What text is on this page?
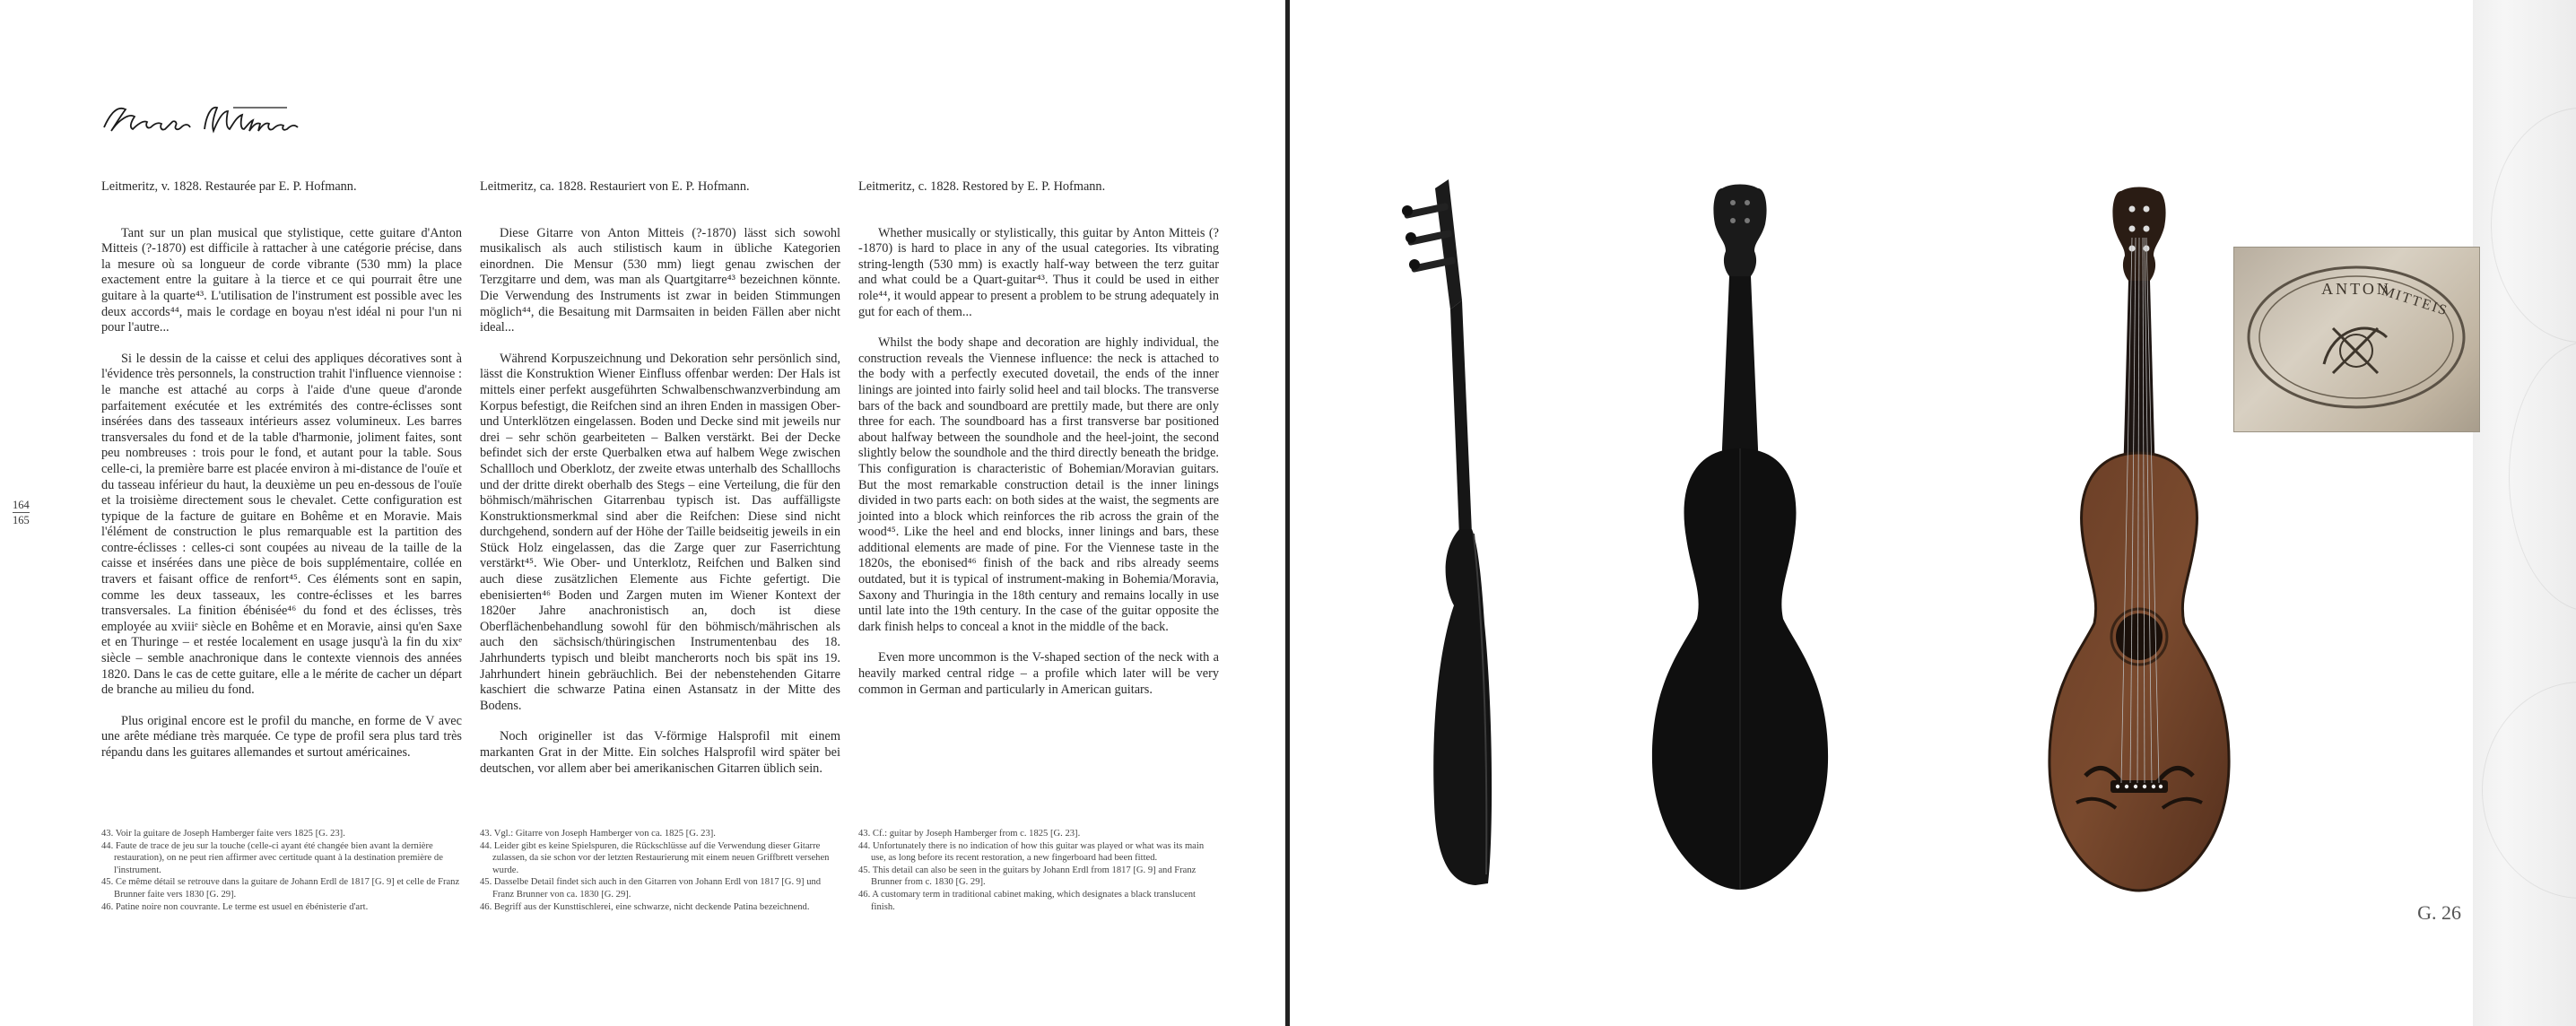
164
165
Leitmeritz, v. 1828. Restaurée par E. P. Hofmann.

Tant sur un plan musical que stylistique, cette guitare d'Anton Mitteis (?-1870) est difficile à rattacher à une catégorie précise, dans la mesure où sa longueur de corde vibrante (530 mm) la place exactement entre la guitare à la tierce et ce qui pourrait être une guitare à la quarte⁴³. L'utilisation de l'instrument est possible avec les deux accords⁴⁴, mais le cordage en boyau n'est idéal ni pour l'un ni pour l'autre...

Si le dessin de la caisse et celui des appliques décoratives sont à l'évidence très personnels, la construction trahit l'influence viennoise : le manche est attaché au corps à l'aide d'une queue d'aronde parfaitement exécutée et les extrémités des contre-éclisses sont insérées dans des tasseaux intérieurs assez volumineux. Les barres transversales du fond et de la table d'harmonie, joliment faites, sont peu nombreuses : trois pour le fond, et autant pour la table. Sous celle-ci, la première barre est placée environ à mi-distance de l'ouïe et du tasseau inférieur du haut, la deuxième un peu en-dessous de l'ouïe et la troisième directement sous le chevalet. Cette configuration est typique de la facture de guitare en Bohême et en Moravie. Mais l'élément de construction le plus remarquable est la partition des contre-éclisses : celles-ci sont coupées au niveau de la taille de la caisse et insérées dans une pièce de bois supplémentaire, collée en travers et faisant office de renfort⁴⁵. Ces éléments sont en sapin, comme les deux tasseaux, les contre-éclisses et les barres transversales. La finition ébénisée⁴⁶ du fond et des éclisses, très employée au xviiiᵉ siècle en Bohême et en Moravie, ainsi qu'en Saxe et en Thuringe – et restée localement en usage jusqu'à la fin du xixᵉ siècle – semble anachronique dans le contexte viennois des années 1820. Dans le cas de cette guitare, elle a le mérite de cacher un départ de branche au milieu du fond.

Plus original encore est le profil du manche, en forme de V avec une arête médiane très marquée. Ce type de profil sera plus tard très répandu dans les guitares allemandes et surtout américaines.

Leitmeritz, ca. 1828. Restauriert von E. P. Hofmann.

Diese Gitarre von Anton Mitteis (?-1870) lässt sich sowohl musikalisch als auch stilistisch kaum in übliche Kategorien einordnen. Die Mensur (530 mm) liegt genau zwischen der Terzgitarre und dem, was man als Quartgitarre⁴³ bezeichnen könnte. Die Verwendung des Instruments ist zwar in beiden Stimmungen möglich⁴⁴, die Besaitung mit Darmsaiten in beiden Fällen aber nicht ideal...

Während Korpuszeichnung und Dekoration sehr persönlich sind, lässt die Konstruktion Wiener Einfluss offenbar werden: Der Hals ist mittels einer perfekt ausgeführten Schwalbenschwanzverbindung am Korpus befestigt, die Reifchen sind an ihren Enden in massigen Ober- und Unterklötzen eingelassen. Boden und Decke sind mit jeweils nur drei – sehr schön gearbeiteten – Balken verstärkt. Bei der Decke befindet sich der erste Querbalken etwa auf halbem Wege zwischen Schallloch und Oberklotz, der zweite etwas unterhalb des Schalllochs und der dritte direkt oberhalb des Stegs – eine Verteilung, die für den böhmisch/mährischen Gitarrenbau typisch ist. Das auffälligste Konstruktionsmerkmal sind aber die Reifchen: Diese sind nicht durchgehend, sondern auf der Höhe der Taille beidseitig jeweils in ein Stück Holz eingelassen, das die Zarge quer zur Faserrichtung verstärkt⁴⁵. Wie Ober- und Unterklotz, Reifchen und Balken sind auch diese zusätzlichen Elemente aus Fichte gefertigt. Die ebenisierten⁴⁶ Boden und Zargen muten im Wiener Kontext der 1820er Jahre anachronistisch an, doch ist diese Oberflächenbehandlung sowohl für den böhmisch/mährischen als auch den sächsisch/thüringischen Instrumentenbau des 18. Jahrhunderts typisch und bleibt mancherorts noch bis spät ins 19. Jahrhundert hinein gebräuchlich. Bei der nebenstehenden Gitarre kaschiert die schwarze Patina einen Astansatz in der Mitte des Bodens.

Noch origineller ist das V-förmige Halsprofil mit einem markanten Grat in der Mitte. Ein solches Halsprofil wird später bei deutschen, vor allem aber bei amerikanischen Gitarren üblich sein.

Leitmeritz, c. 1828. Restored by E. P. Hofmann.

Whether musically or stylistically, this guitar by Anton Mitteis (?-1870) is hard to place in any of the usual categories. Its vibrating string-length (530 mm) is exactly half-way between the terz guitar and what could be a Quart-guitar⁴³. Thus it could be used in either role⁴⁴, it would appear to present a problem to be strung adequately in gut for each of them...

Whilst the body shape and decoration are highly individual, the construction reveals the Viennese influence: the neck is attached to the body with a perfectly executed dovetail, the ends of the inner linings are jointed into fairly solid heel and tail blocks. The transverse bars of the back and soundboard are prettily made, but there are only three for each. The soundboard has a first transverse bar positioned about halfway between the soundhole and the heel-joint, the second slightly below the soundhole and the third directly beneath the bridge. This configuration is characteristic of Bohemian/Moravian guitars. But the most remarkable construction detail is the inner linings divided in two parts each: on both sides at the waist, the segments are jointed into a block which reinforces the rib across the grain of the wood⁴⁵. Like the heel and end blocks, inner linings and bars, these additional elements are made of pine. For the Viennese taste in the 1820s, the ebonised⁴⁶ finish of the back and ribs already seems outdated, but it is typical of instrument-making in Bohemia/Moravia, Saxony and Thuringia in the 18th century and remains locally in use until late into the 19th century. In the case of the guitar opposite the dark finish helps to conceal a knot in the middle of the back.

Even more uncommon is the V-shaped section of the neck with a heavily marked central ridge – a profile which later will be very common in German and particularly in American guitars.

43. Voir la guitare de Joseph Hamberger faite vers 1825 [G. 23].
44. Faute de trace de jeu sur la touche (celle-ci ayant été changée bien avant la dernière restauration), on ne peut rien affirmer avec certitude quant à la destination première de l'instrument.
45. Ce même détail se retrouve dans la guitare de Johann Erdl de 1817 [G. 9] et celle de Franz Brunner faite vers 1830 [G. 29].
46. Patine noire non couvrante. Le terme est usuel en ébénisterie d'art.
43. Vgl.: Gitarre von Joseph Hamberger von ca. 1825 [G. 23].
44. Leider gibt es keine Spielspuren, die Rückschlüsse auf die Verwendung dieser Gitarre zulassen, da sie schon vor der letzten Restaurierung mit einem neuen Griffbrett versehen wurde.
45. Dasselbe Detail findet sich auch in den Gitarren von Johann Erdl von 1817 [G. 9] und Franz Brunner von ca. 1830 [G. 29].
46. Begriff aus der Kunsttischlerei, eine schwarze, nicht deckende Patina bezeichnend.
43. Cf.: guitar by Joseph Hamberger from c. 1825 [G. 23].
44. Unfortunately there is no indication of how this guitar was played or what was its main use, as long before its recent restoration, a new fingerboard had been fitted.
45. This detail can also be seen in the guitars by Johann Erdl from 1817 [G. 9] and Franz Brunner from c. 1830 [G. 29].
46. A customary term in traditional cabinet making, which designates a black translucent finish.
ANTON
MITTEIS
G. 26
